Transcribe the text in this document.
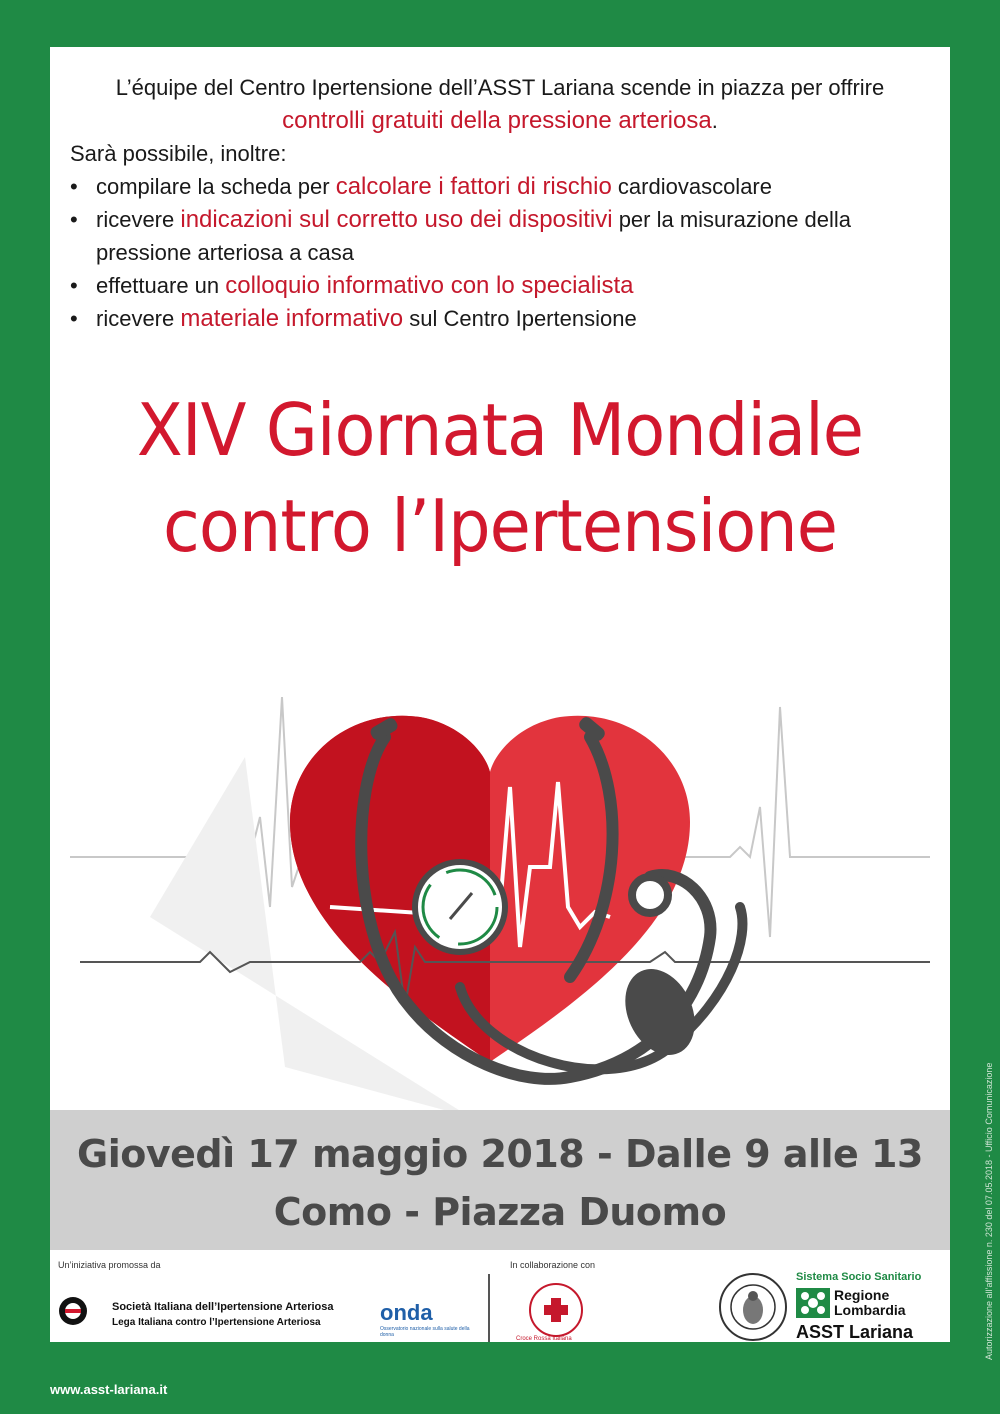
L’équipe del Centro Ipertensione dell’ASST Lariana scende in piazza per offrire
controlli gratuiti della pressione arteriosa.
Sarà possibile, inoltre:
• compilare la scheda per calcolare i fattori di rischio cardiovascolare
• ricevere indicazioni sul corretto uso dei dispositivi per la misurazione della pressione arteriosa a casa
• effettuare un colloquio informativo con lo specialista
• ricevere materiale informativo sul Centro Ipertensione
XIV Giornata Mondiale
contro l’Ipertensione
Giovedì 17 maggio 2018 - Dalle 9 alle 13
Como - Piazza Duomo
Un’iniziativa promossa da	In collaborazione con
Società Italiana dell’Ipertensione Arteriosa
Lega Italiana contro l’Ipertensione Arteriosa	onda
Osservatorio nazionale sulla salute della donna
Croce Rossa Italiana
Sistema Socio Sanitario
Regione
Lombardia
ASST Lariana
www.asst-lariana.it
Autorizzazione all’affissione n. 230 del 07.05.2018 - Ufficio Comunicazione
